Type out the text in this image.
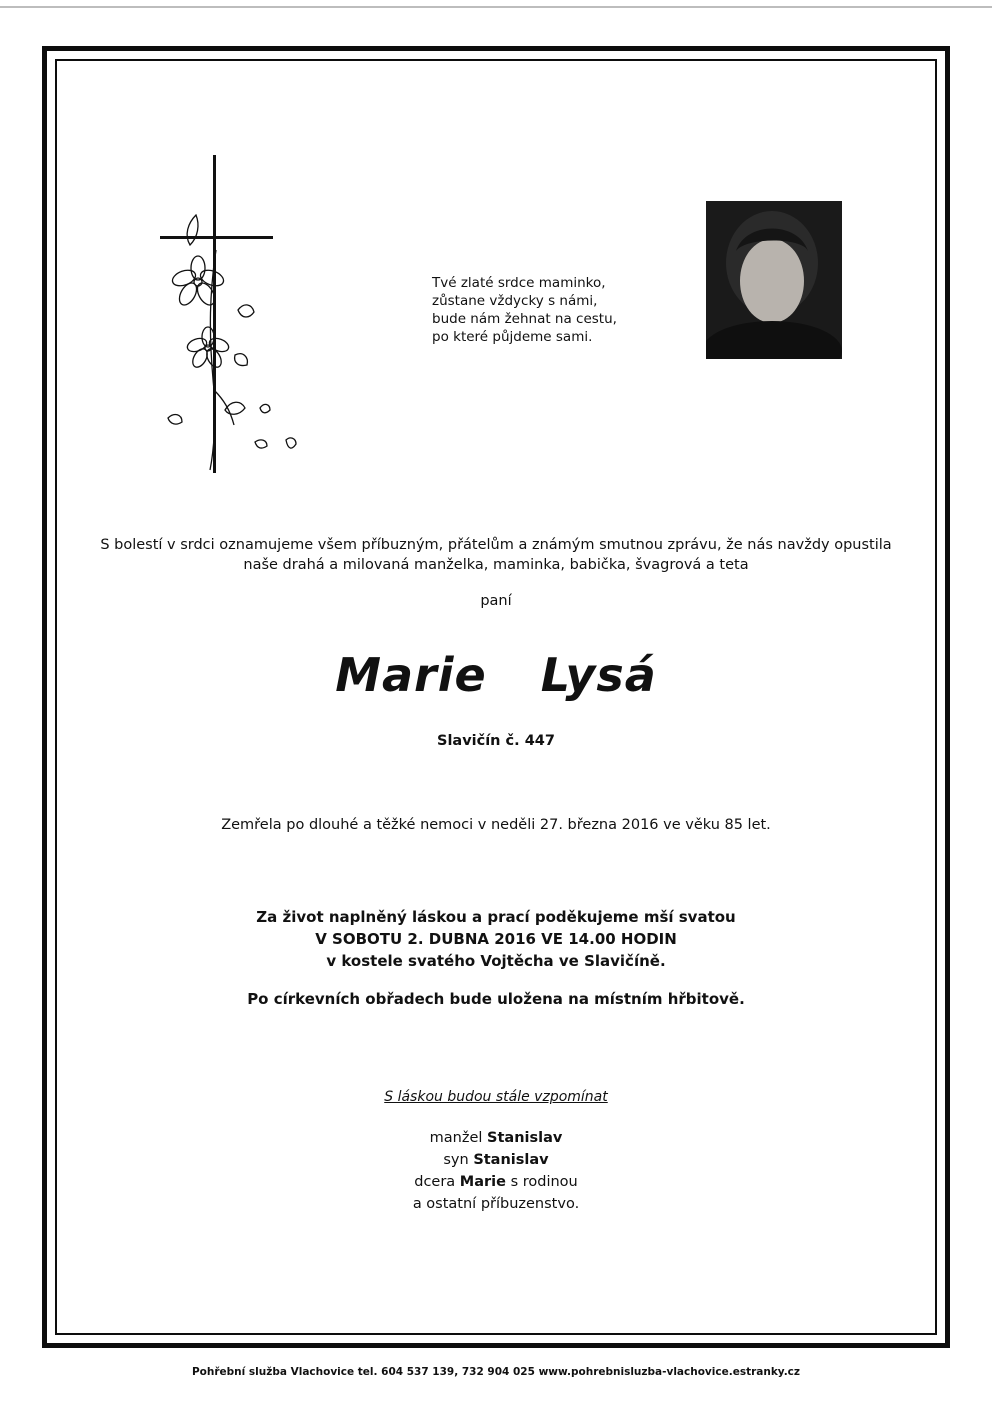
Tvé zlaté srdce maminko,
zůstane vždycky s námi,
bude nám žehnat na cestu,
po které půjdeme sami.
S bolestí v srdci oznamujeme všem příbuzným, přátelům a známým smutnou zprávu, že nás navždy opustila
naše drahá a milovaná manželka, maminka, babička, švagrová a teta
paní
Marie  Lysá
Slavičín č. 447
Zemřela po dlouhé a těžké nemoci v neděli 27. března 2016 ve věku 85 let.
Za život naplněný láskou a prací poděkujeme mší svatou
V SOBOTU 2. DUBNA 2016 VE 14.00 HODIN
v kostele svatého Vojtěcha ve Slavičíně.
Po církevních obřadech bude uložena na místním hřbitově.
S láskou budou stále vzpomínat
manžel Stanislav
syn Stanislav
dcera Marie s rodinou
a ostatní příbuzenstvo.
Pohřební služba Vlachovice tel. 604 537 139, 732 904 025 www.pohrebnisluzba-vlachovice.estranky.cz
